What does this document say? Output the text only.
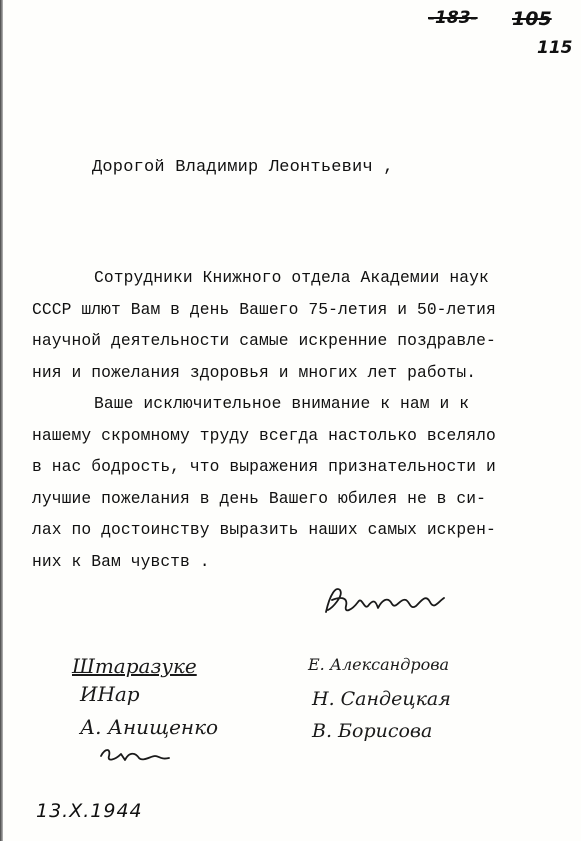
-183- 105
115
Дорогой Владимир Леонтьевич ,
Сотрудники Книжного отдела Академии наук
СССР шлют Вам в день Вашего 75-летия и 50-летия
научной деятельности самые искренние поздравле-
ния и пожелания здоровья и многих лет работы.
Ваше исключительное внимание к нам и к
нашему скромному труду всегда настолько вселяло
в нас бодрость, что выражения признательности и
лучшие пожелания в день Вашего юбилея не в си-
лах по достоинству выразить наших самых искрен-
них к Вам чувств .
Е. Александрова
Н. Сандецкая
В. Борисова
Штаразуке
ИНар
А. Анищенко
13.Х.1944
